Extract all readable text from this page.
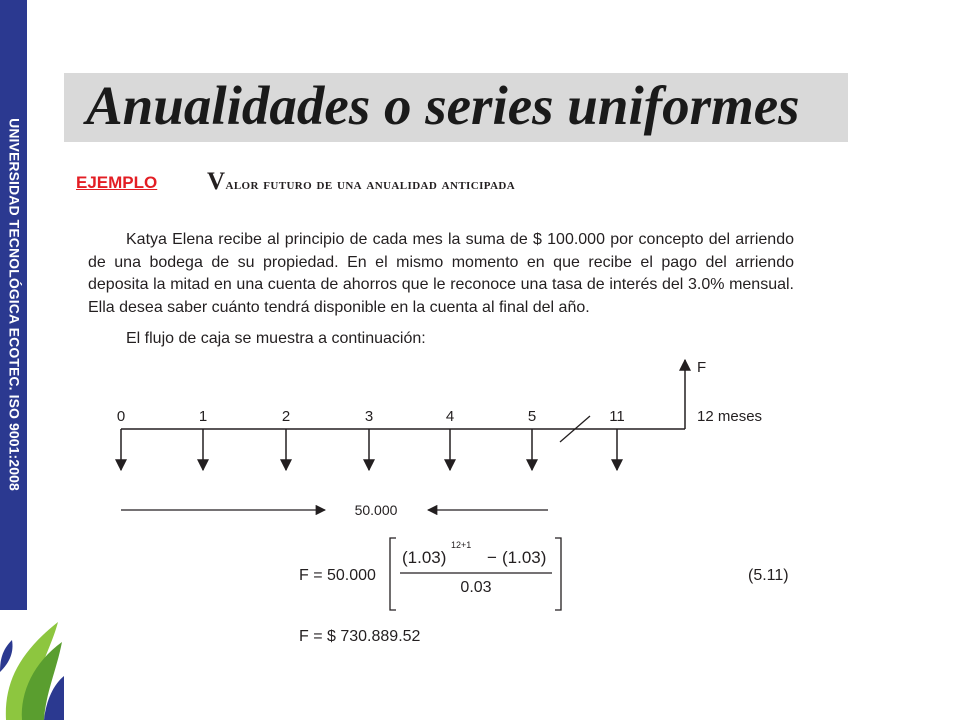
UNIVERSIDAD TECNOLÓGICA ECOTEC. ISO 9001:2008
Anualidades o series uniformes
EJEMPLO Valor futuro de una anualidad anticipada
Katya Elena recibe al principio de cada mes la suma de $ 100.000 por concepto del arriendo de una bodega de su propiedad. En el mismo momento en que recibe el pago del arriendo deposita la mitad en una cuenta de ahorros que le reconoce una tasa de interés del 3.0% mensual. Ella desea saber cuánto tendrá disponible en la cuenta al final del año.
El flujo de caja se muestra a continuación:
F
12 meses
0	1	2	3	4	5	11
50.000
F = 50.000
(1.03)
12+1
− (1.03)
0.03
(5.11)
F = $ 730.889.52
